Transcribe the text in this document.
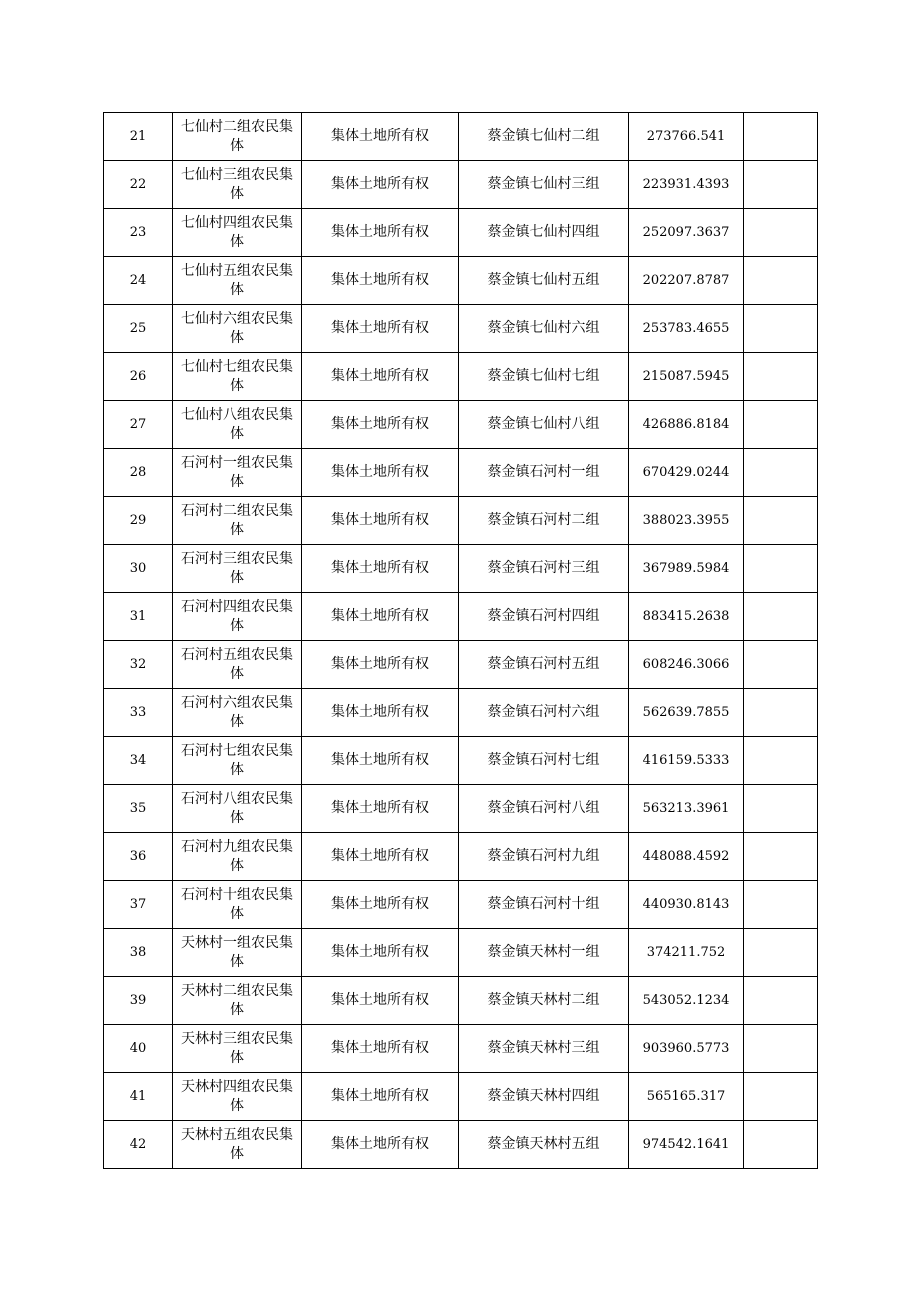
21	七仙村二组农民集体	集体土地所有权	蔡金镇七仙村二组	273766.541	
22	七仙村三组农民集体	集体土地所有权	蔡金镇七仙村三组	223931.4393	
23	七仙村四组农民集体	集体土地所有权	蔡金镇七仙村四组	252097.3637	
24	七仙村五组农民集体	集体土地所有权	蔡金镇七仙村五组	202207.8787	
25	七仙村六组农民集体	集体土地所有权	蔡金镇七仙村六组	253783.4655	
26	七仙村七组农民集体	集体土地所有权	蔡金镇七仙村七组	215087.5945	
27	七仙村八组农民集体	集体土地所有权	蔡金镇七仙村八组	426886.8184	
28	石河村一组农民集体	集体土地所有权	蔡金镇石河村一组	670429.0244	
29	石河村二组农民集体	集体土地所有权	蔡金镇石河村二组	388023.3955	
30	石河村三组农民集体	集体土地所有权	蔡金镇石河村三组	367989.5984	
31	石河村四组农民集体	集体土地所有权	蔡金镇石河村四组	883415.2638	
32	石河村五组农民集体	集体土地所有权	蔡金镇石河村五组	608246.3066	
33	石河村六组农民集体	集体土地所有权	蔡金镇石河村六组	562639.7855	
34	石河村七组农民集体	集体土地所有权	蔡金镇石河村七组	416159.5333	
35	石河村八组农民集体	集体土地所有权	蔡金镇石河村八组	563213.3961	
36	石河村九组农民集体	集体土地所有权	蔡金镇石河村九组	448088.4592	
37	石河村十组农民集体	集体土地所有权	蔡金镇石河村十组	440930.8143	
38	天林村一组农民集体	集体土地所有权	蔡金镇天林村一组	374211.752	
39	天林村二组农民集体	集体土地所有权	蔡金镇天林村二组	543052.1234	
40	天林村三组农民集体	集体土地所有权	蔡金镇天林村三组	903960.5773	
41	天林村四组农民集体	集体土地所有权	蔡金镇天林村四组	565165.317	
42	天林村五组农民集体	集体土地所有权	蔡金镇天林村五组	974542.1641	
